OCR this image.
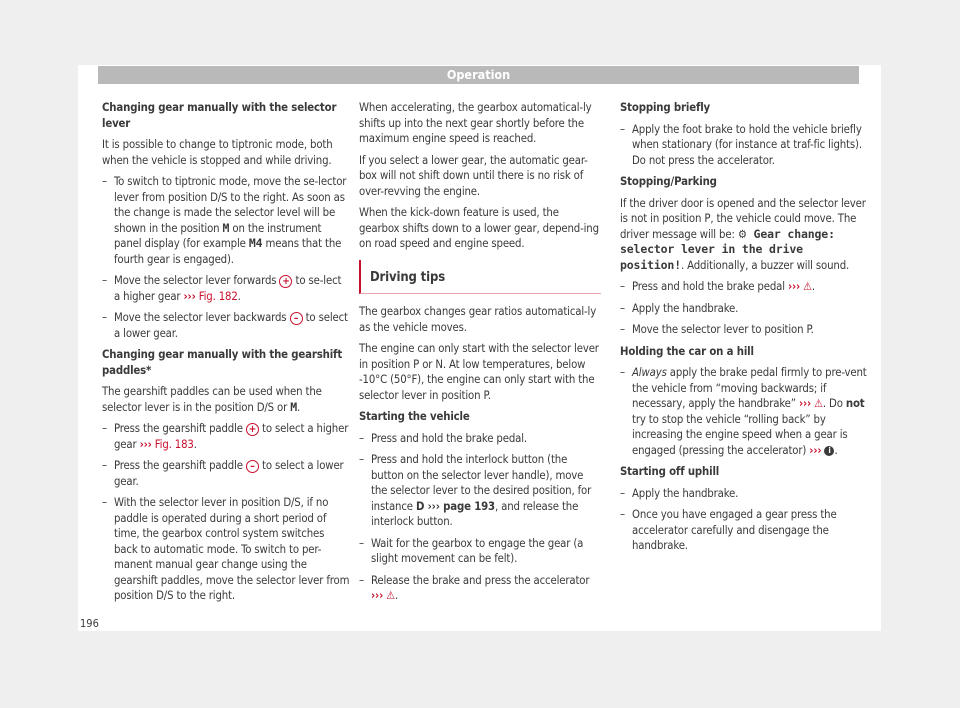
Operation

Changing gear manually with the selector lever

It is possible to change to tiptronic mode, both when the vehicle is stopped and while driving.

– To switch to tiptronic mode, move the se-lector lever from position D/S to the right. As soon as the change is made the selector level will be shown in the position M on the instrument panel display (for example M4 means that the fourth gear is engaged).
– Move the selector lever forwards + to se-lect a higher gear ››› Fig. 182.
– Move the selector lever backwards – to select a lower gear.

Changing gear manually with the gearshift paddles*

The gearshift paddles can be used when the selector lever is in the position D/S or M.

– Press the gearshift paddle + to select a higher gear ››› Fig. 183.
– Press the gearshift paddle – to select a lower gear.
– With the selector lever in position D/S, if no paddle is operated during a short period of time, the gearbox control system switches back to automatic mode. To switch to per-manent manual gear change using the gearshift paddles, move the selector lever from position D/S to the right.

When accelerating, the gearbox automatical-ly shifts up into the next gear shortly before the maximum engine speed is reached.

If you select a lower gear, the automatic gear-box will not shift down until there is no risk of over-revving the engine.

When the kick-down feature is used, the gearbox shifts down to a lower gear, depend-ing on road speed and engine speed.

Driving tips

The gearbox changes gear ratios automatical-ly as the vehicle moves.

The engine can only start with the selector lever in position P or N. At low temperatures, below -10°C (50°F), the engine can only start with the selector lever in position P.

Starting the vehicle

– Press and hold the brake pedal.
– Press and hold the interlock button (the button on the selector lever handle), move the selector lever to the desired position, for instance D ››› page 193, and release the interlock button.
– Wait for the gearbox to engage the gear (a slight movement can be felt).
– Release the brake and press the accelerator ››› ⚠.

Stopping briefly

– Apply the foot brake to hold the vehicle briefly when stationary (for instance at traf-fic lights). Do not press the accelerator.

Stopping/Parking

If the driver door is opened and the selector lever is not in position P, the vehicle could move. The driver message will be: ⚙ Gear change: selector lever in the drive position!. Additionally, a buzzer will sound.

– Press and hold the brake pedal ››› ⚠.
– Apply the handbrake.
– Move the selector lever to position P.

Holding the car on a hill

– Always apply the brake pedal firmly to pre-vent the vehicle from “moving backwards; if necessary, apply the handbrake” ››› ⚠. Do not try to stop the vehicle “rolling back” by increasing the engine speed when a gear is engaged (pressing the accelerator) ››› i .

Starting off uphill

– Apply the handbrake.
– Once you have engaged a gear press the accelerator carefully and disengage the handbrake.
196
